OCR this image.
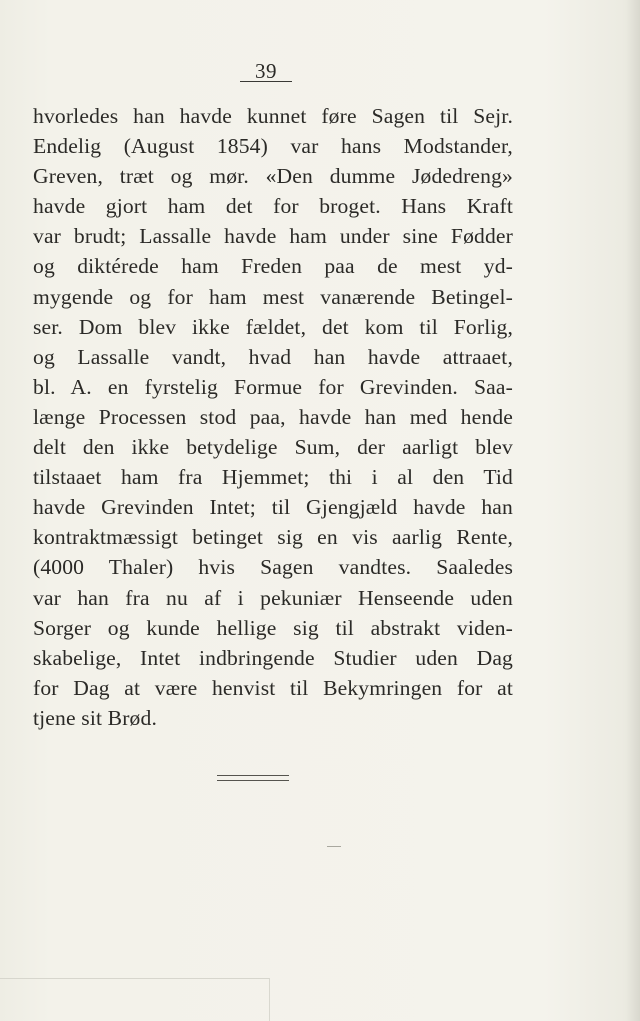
39
hvorledes han havde kunnet føre Sagen til Sejr.
Endelig (August 1854) var hans Modstander,
Greven, træt og mør. «Den dumme Jødedreng»
havde gjort ham det for broget. Hans Kraft
var brudt; Lassalle havde ham under sine Fødder
og diktérede ham Freden paa de mest yd-
mygende og for ham mest vanærende Betingel-
ser. Dom blev ikke fældet, det kom til Forlig,
og Lassalle vandt, hvad han havde attraaet,
bl. A. en fyrstelig Formue for Grevinden. Saa-
længe Processen stod paa, havde han med hende
delt den ikke betydelige Sum, der aarligt blev
tilstaaet ham fra Hjemmet; thi i al den Tid
havde Grevinden Intet; til Gjengjæld havde han
kontraktmæssigt betinget sig en vis aarlig Rente,
(4000 Thaler) hvis Sagen vandtes. Saaledes
var han fra nu af i pekuniær Henseende uden
Sorger og kunde hellige sig til abstrakt viden-
skabelige, Intet indbringende Studier uden Dag
for Dag at være henvist til Bekymringen for at
tjene sit Brød.
